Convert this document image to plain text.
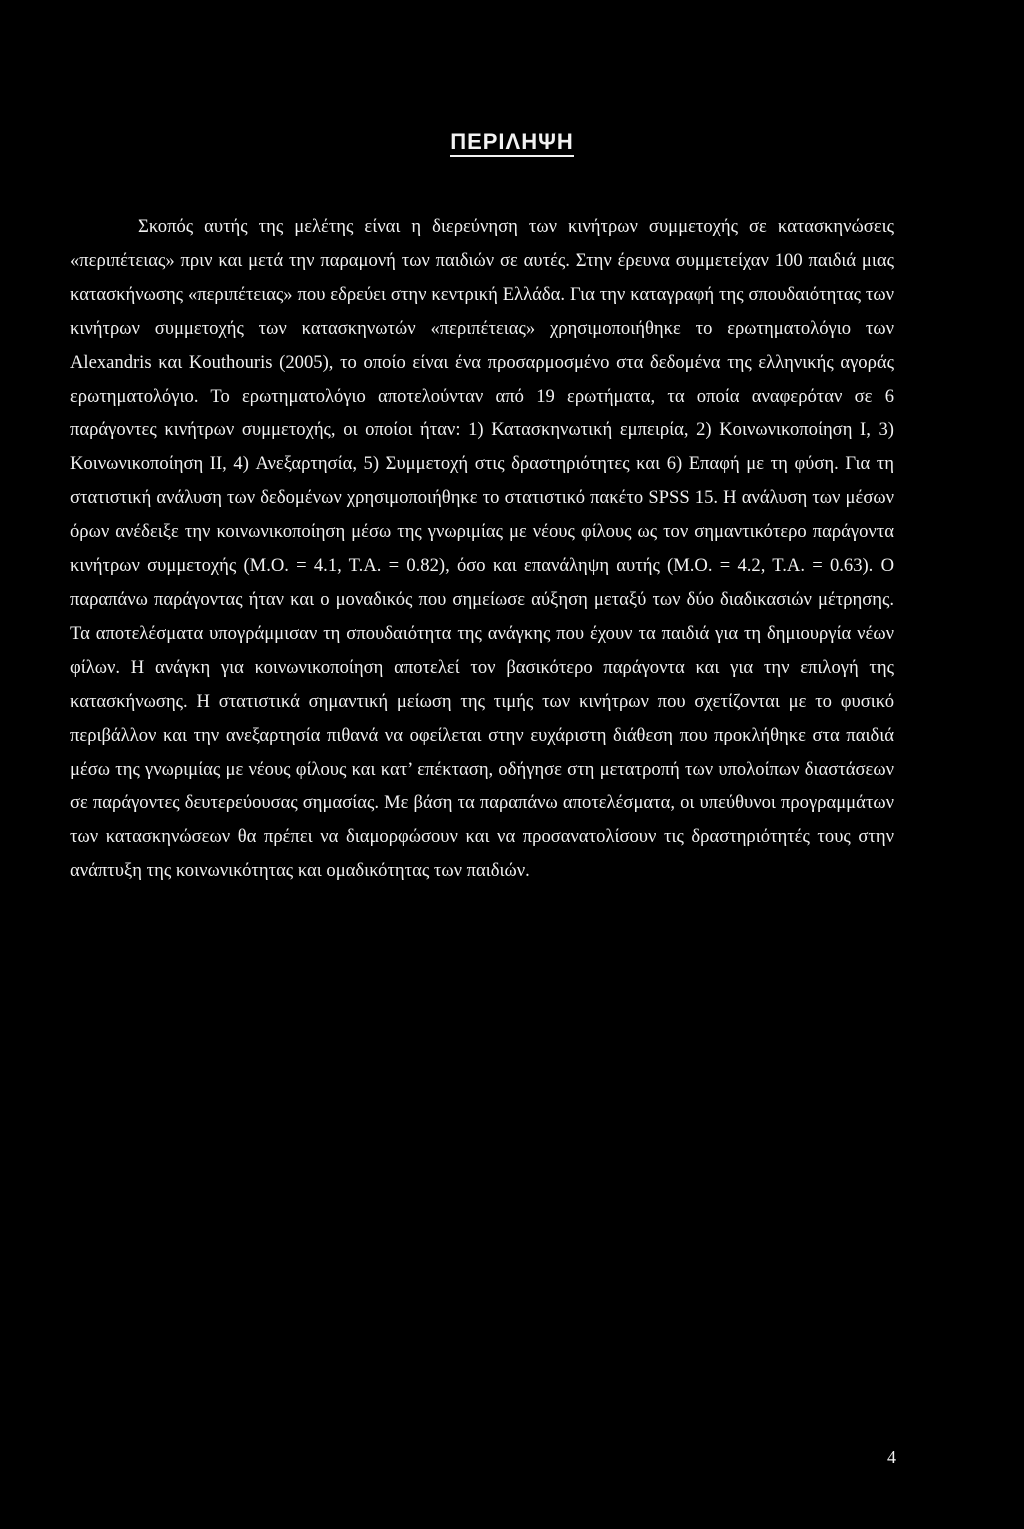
ΠΕΡΙΛΗΨΗ

Σκοπός αυτής της μελέτης είναι η διερεύνηση των κινήτρων συμμετοχής σε κατασκηνώσεις «περιπέτειας» πριν και μετά την παραμονή των παιδιών σε αυτές. Στην έρευνα συμμετείχαν 100 παιδιά μιας κατασκήνωσης «περιπέτειας» που εδρεύει στην κεντρική Ελλάδα. Για την καταγραφή της σπουδαιότητας των κινήτρων συμμετοχής των κατασκηνωτών «περιπέτειας» χρησιμοποιήθηκε το ερωτηματολόγιο των Alexandris και Kouthouris (2005), το οποίο είναι ένα προσαρμοσμένο στα δεδομένα της ελληνικής αγοράς ερωτηματολόγιο. Το ερωτηματολόγιο αποτελούνταν από 19 ερωτήματα, τα οποία αναφερόταν σε 6 παράγοντες κινήτρων συμμετοχής, οι οποίοι ήταν: 1) Κατασκηνωτική εμπειρία, 2) Κοινωνικοποίηση Ι, 3) Κοινωνικοποίηση ΙΙ, 4) Ανεξαρτησία, 5) Συμμετοχή στις δραστηριότητες και 6) Επαφή με τη φύση. Για τη στατιστική ανάλυση των δεδομένων χρησιμοποιήθηκε το στατιστικό πακέτο SPSS 15. Η ανάλυση των μέσων όρων ανέδειξε την κοινωνικοποίηση μέσω της γνωριμίας με νέους φίλους ως τον σημαντικότερο παράγοντα κινήτρων συμμετοχής (Μ.Ο. = 4.1, Τ.Α. = 0.82), όσο και επανάληψη αυτής (Μ.Ο. = 4.2, Τ.Α. = 0.63). Ο παραπάνω παράγοντας ήταν και ο μοναδικός που σημείωσε αύξηση μεταξύ των δύο διαδικασιών μέτρησης. Τα αποτελέσματα υπογράμμισαν τη σπουδαιότητα της ανάγκης που έχουν τα παιδιά για τη δημιουργία νέων φίλων. Η ανάγκη για κοινωνικοποίηση αποτελεί τον βασικότερο παράγοντα και για την επιλογή της κατασκήνωσης. Η στατιστικά σημαντική μείωση της τιμής των κινήτρων που σχετίζονται με το φυσικό περιβάλλον και την ανεξαρτησία πιθανά να οφείλεται στην ευχάριστη διάθεση που προκλήθηκε στα παιδιά μέσω της γνωριμίας με νέους φίλους και κατ’ επέκταση, οδήγησε στη μετατροπή των υπολοίπων διαστάσεων σε παράγοντες δευτερεύουσας σημασίας. Με βάση τα παραπάνω αποτελέσματα, οι υπεύθυνοι προγραμμάτων των κατασκηνώσεων θα πρέπει να διαμορφώσουν και να προσανατολίσουν τις δραστηριότητές τους στην ανάπτυξη της κοινωνικότητας και ομαδικότητας των παιδιών.

4
